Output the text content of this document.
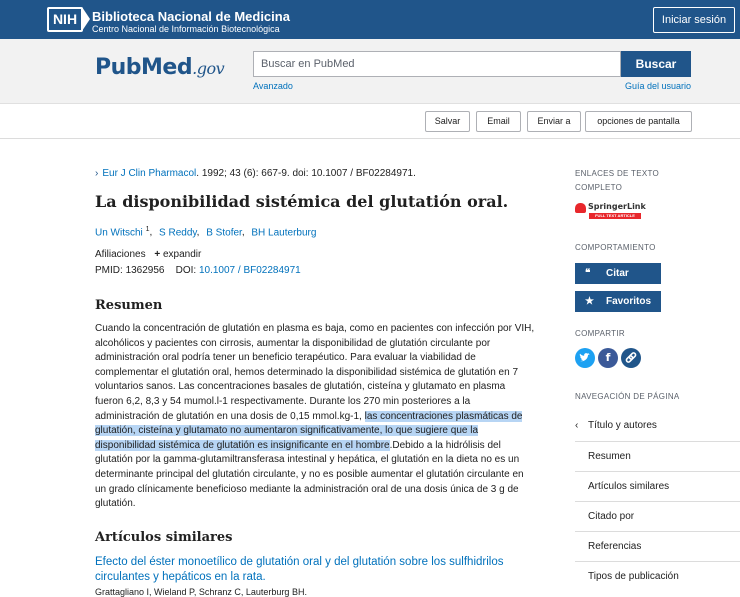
NIH	Biblioteca Nacional de Medicina
Centro Nacional de Información Biotecnológica
Iniciar sesión
PubMed.gov	Buscar en PubMed	Buscar
Avanzado	Guía del usuario
Salvar	Email	Enviar a	opciones de pantalla
› Eur J Clin Pharmacol. 1992; 43 (6): 667-9. doi: 10.1007 / BF02284971.
La disponibilidad sistémica del glutatión oral.
Un Witschi $^1$, S Reddy, B Stofer, BH Lauterburg
Afiliaciones + expandir
PMID: 1362956 DOI: 10.1007 / BF02284971
Resumen
Cuando la concentración de glutatión en plasma es baja, como en pacientes con infección por VIH, alcohólicos y pacientes con cirrosis, aumentar la disponibilidad de glutatión circulante por administración oral podría tener un beneficio terapéutico. Para evaluar la viabilidad de complementar el glutatión oral, hemos determinado la disponibilidad sistémica de glutatión en 7 voluntarios sanos. Las concentraciones basales de glutatión, cisteína y glutamato en plasma fueron 6,2, 8,3 y 54 mumol.l-1 respectivamente. Durante los 270 min posteriores a la administración de glutatión en una dosis de 0,15 mmol.kg-1, las concentraciones plasmáticas de glutatión, cisteína y glutamato no aumentaron significativamente, lo que sugiere que la disponibilidad sistémica de glutatión es insignificante en el hombre.Debido a la hidrólisis del glutatión por la gamma-glutamiltransferasa intestinal y hepática, el glutatión en la dieta no es un determinante principal del glutatión circulante, y no es posible aumentar el glutatión circulante en un grado clínicamente beneficioso mediante la administración oral de una dosis única de 3 g de glutatión.
Artículos similares
Efecto del éster monoetílico de glutatión oral y del glutatión sobre los sulfhidrilos circulantes y hepáticos en la rata.
Grattagliano I, Wieland P, Schranz C, Lauterburg BH.
ENLACES DE TEXTO COMPLETO
SpringerLink
FULL TEXT ARTICLE
COMPORTAMIENTO
❝ Citar
★ Favoritos
COMPARTIR
f
NAVEGACIÓN DE PÁGINA
‹ Título y autores
Resumen
Artículos similares
Citado por
Referencias
Tipos de publicación
